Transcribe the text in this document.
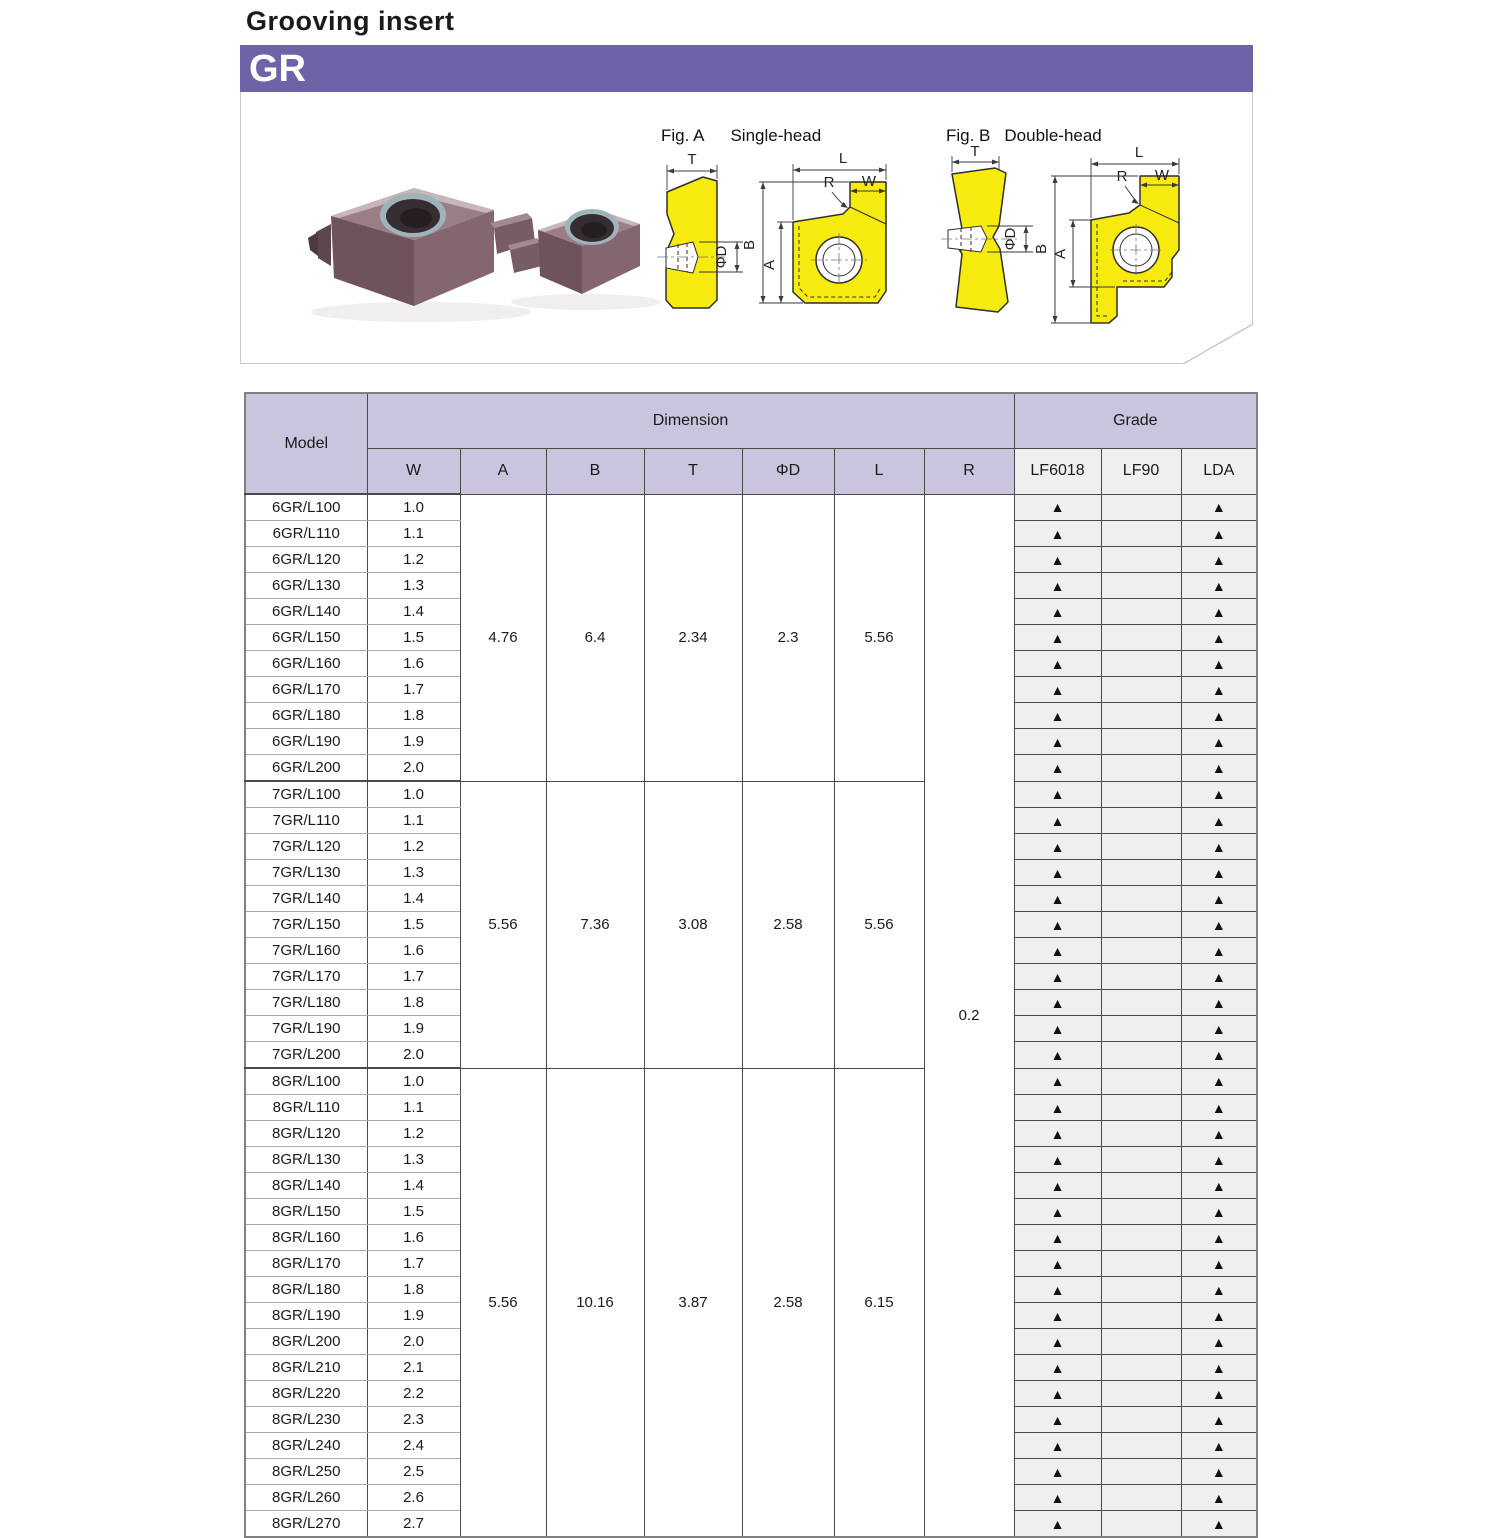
Grooving insert
GR
Fig. A Single-head
T
ΦD
L
W
R
B
A
Fig. B Double-head
T
ΦD
L
W
R
B A
Model	Dimension							Grade		
	W	A	B	T	ΦD	L	R	LF6018	LF90	LDA
6GR/L100	1.0	4.76	6.4	2.34	2.3	5.56	0.2	▲		▲
6GR/L110	1.1							▲		▲
6GR/L120	1.2							▲		▲
6GR/L130	1.3							▲		▲
6GR/L140	1.4							▲		▲
6GR/L150	1.5							▲		▲
6GR/L160	1.6							▲		▲
6GR/L170	1.7							▲		▲
6GR/L180	1.8							▲		▲
6GR/L190	1.9							▲		▲
6GR/L200	2.0							▲		▲
7GR/L100	1.0	5.56	7.36	3.08	2.58	5.56		▲		▲
7GR/L110	1.1							▲		▲
7GR/L120	1.2							▲		▲
7GR/L130	1.3							▲		▲
7GR/L140	1.4							▲		▲
7GR/L150	1.5							▲		▲
7GR/L160	1.6							▲		▲
7GR/L170	1.7							▲		▲
7GR/L180	1.8							▲		▲
7GR/L190	1.9							▲		▲
7GR/L200	2.0							▲		▲
8GR/L100	1.0	5.56	10.16	3.87	2.58	6.15		▲		▲
8GR/L110	1.1							▲		▲
8GR/L120	1.2							▲		▲
8GR/L130	1.3							▲		▲
8GR/L140	1.4							▲		▲
8GR/L150	1.5							▲		▲
8GR/L160	1.6							▲		▲
8GR/L170	1.7							▲		▲
8GR/L180	1.8							▲		▲
8GR/L190	1.9							▲		▲
8GR/L200	2.0							▲		▲
8GR/L210	2.1							▲		▲
8GR/L220	2.2							▲		▲
8GR/L230	2.3							▲		▲
8GR/L240	2.4							▲		▲
8GR/L250	2.5							▲		▲
8GR/L260	2.6							▲		▲
8GR/L270	2.7							▲		▲
